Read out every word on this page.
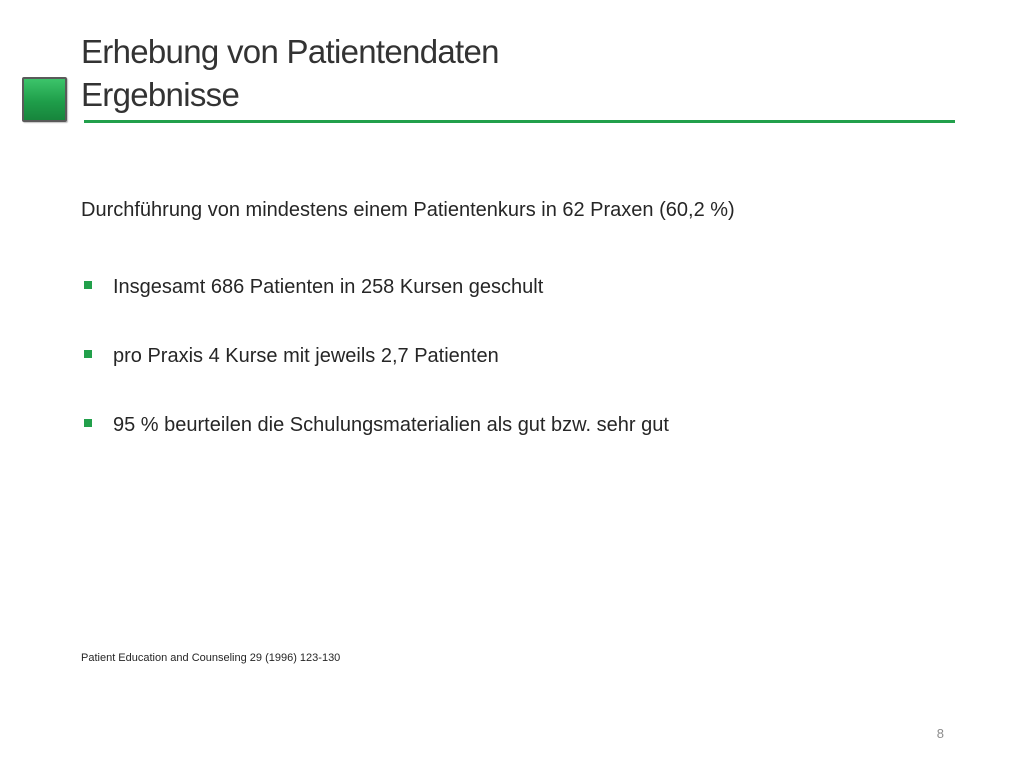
Erhebung von Patientendaten
Ergebnisse

Durchführung von mindestens einem Patientenkurs in 62 Praxen (60,2 %)

Insgesamt 686 Patienten in 258 Kursen geschult
pro Praxis 4 Kurse mit jeweils 2,7 Patienten
95 % beurteilen die Schulungsmaterialien als gut bzw. sehr gut

Patient Education and Counseling 29 (1996) 123-130

8
